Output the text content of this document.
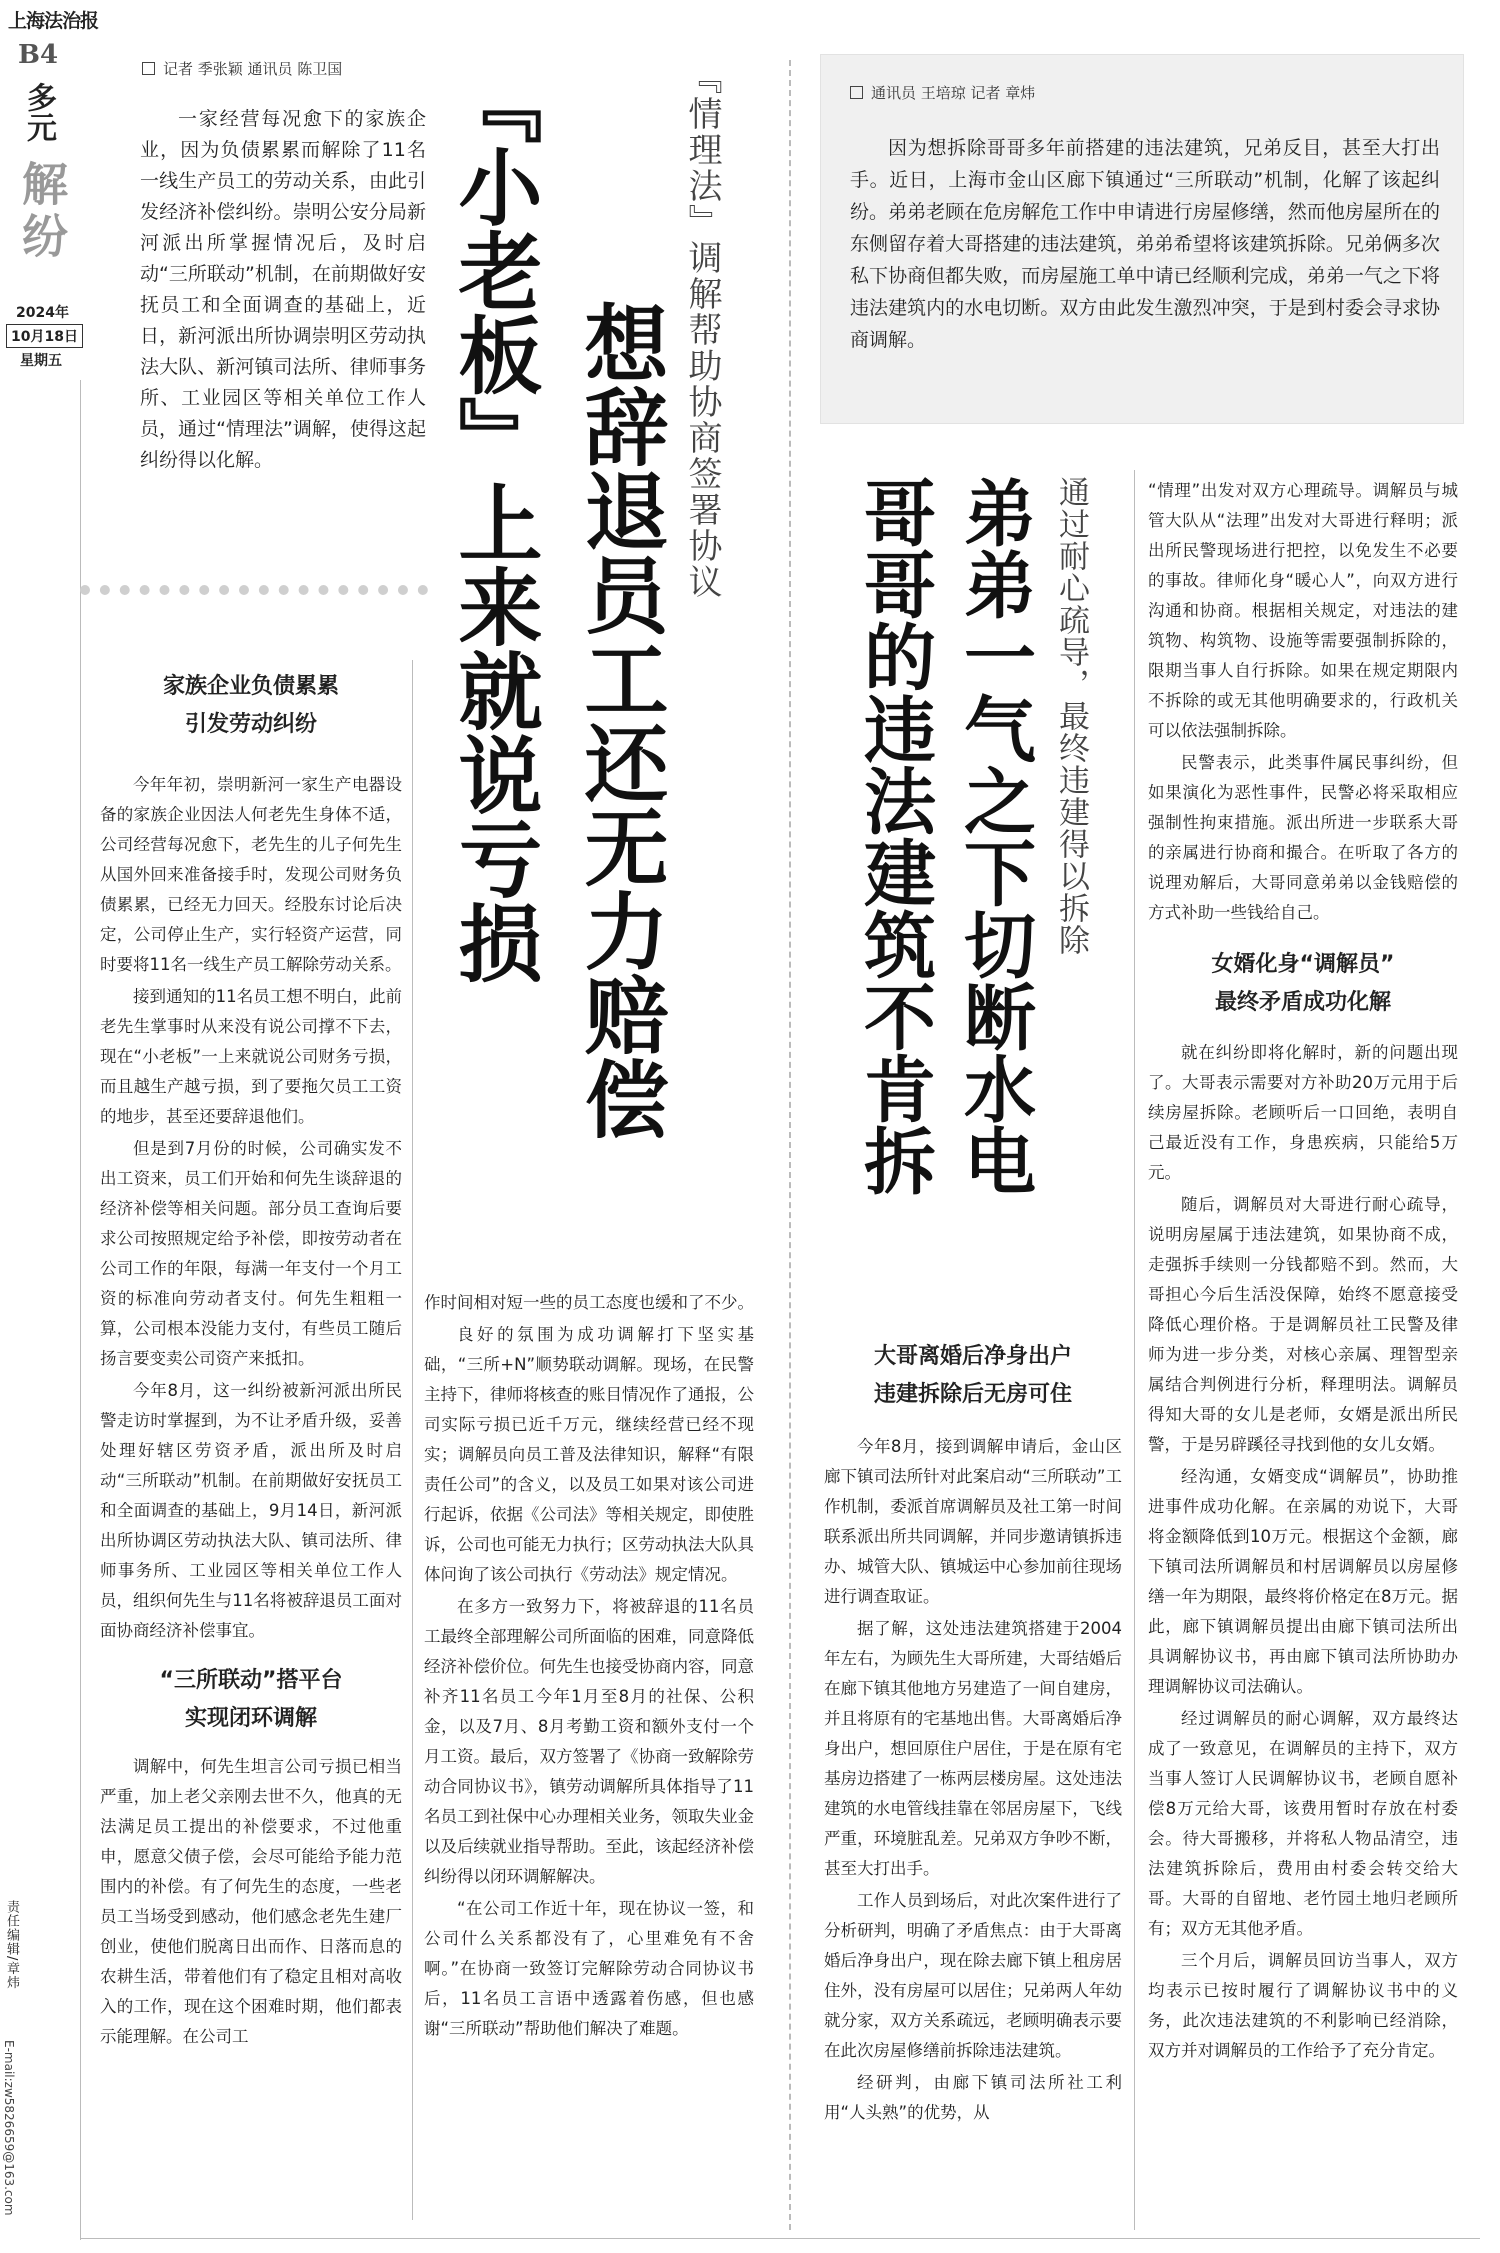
上海法治报
B4
多元
解纷
2024年
10月18日
星期五
责任编辑/章炜
E-mail:zw5826659@163.com
记者 季张颖 通讯员 陈卫国

一家经营每况愈下的家族企业，因为负债累累而解除了11名一线生产员工的劳动关系，由此引发经济补偿纠纷。崇明公安分局新河派出所掌握情况后，及时启动“三所联动”机制，在前期做好安抚员工和全面调查的基础上，近日，新河派出所协调崇明区劳动执法大队、新河镇司法所、律师事务所、工业园区等相关单位工作人员，通过“情理法”调解，使得这起纠纷得以化解。	『情理法』调解帮助协商签署协议
想辞退员工还无力赔偿
『小老板』上来就说亏损
家族企业负债累累
引发劳动纠纷

今年年初，崇明新河一家生产电器设备的家族企业因法人何老先生身体不适，公司经营每况愈下，老先生的儿子何先生从国外回来准备接手时，发现公司财务负债累累，已经无力回天。经股东讨论后决定，公司停止生产，实行轻资产运营，同时要将11名一线生产员工解除劳动关系。

接到通知的11名员工想不明白，此前老先生掌事时从来没有说公司撑不下去，现在“小老板”一上来就说公司财务亏损，而且越生产越亏损，到了要拖欠员工工资的地步，甚至还要辞退他们。

但是到7月份的时候，公司确实发不出工资来，员工们开始和何先生谈辞退的经济补偿等相关问题。部分员工查询后要求公司按照规定给予补偿，即按劳动者在公司工作的年限，每满一年支付一个月工资的标准向劳动者支付。何先生粗粗一算，公司根本没能力支付，有些员工随后扬言要变卖公司资产来抵扣。

今年8月，这一纠纷被新河派出所民警走访时掌握到，为不让矛盾升级，妥善处理好辖区劳资矛盾，派出所及时启动“三所联动”机制。在前期做好安抚员工和全面调查的基础上，9月14日，新河派出所协调区劳动执法大队、镇司法所、律师事务所、工业园区等相关单位工作人员，组织何先生与11名将被辞退员工面对面协商经济补偿事宜。

“三所联动”搭平台
实现闭环调解

调解中，何先生坦言公司亏损已相当严重，加上老父亲刚去世不久，他真的无法满足员工提出的补偿要求，不过他重申，愿意父债子偿，会尽可能给予能力范围内的补偿。有了何先生的态度，一些老员工当场受到感动，他们感念老先生建厂创业，使他们脱离日出而作、日落而息的农耕生活，带着他们有了稳定且相对高收入的工作，现在这个困难时期，他们都表示能理解。在公司工

作时间相对短一些的员工态度也缓和了不少。

良好的氛围为成功调解打下坚实基础，“三所+N”顺势联动调解。现场，在民警主持下，律师将核查的账目情况作了通报，公司实际亏损已近千万元，继续经营已经不现实；调解员向员工普及法律知识，解释“有限责任公司”的含义，以及员工如果对该公司进行起诉，依据《公司法》等相关规定，即使胜诉，公司也可能无力执行；区劳动执法大队具体问询了该公司执行《劳动法》规定情况。

在多方一致努力下，将被辞退的11名员工最终全部理解公司所面临的困难，同意降低经济补偿价位。何先生也接受协商内容，同意补齐11名员工今年1月至8月的社保、公积金，以及7月、8月考勤工资和额外支付一个月工资。最后，双方签署了《协商一致解除劳动合同协议书》，镇劳动调解所具体指导了11名员工到社保中心办理相关业务，领取失业金以及后续就业指导帮助。至此，该起经济补偿纠纷得以闭环调解解决。

“在公司工作近十年，现在协议一签，和公司什么关系都没有了，心里难免有不舍啊。”在协商一致签订完解除劳动合同协议书后，11名员工言语中透露着伤感，但也感谢“三所联动”帮助他们解决了难题。

通讯员 王培琼 记者 章炜

因为想拆除哥哥多年前搭建的违法建筑，兄弟反目，甚至大打出手。近日，上海市金山区廊下镇通过“三所联动”机制，化解了该起纠纷。弟弟老顾在危房解危工作中申请进行房屋修缮，然而他房屋所在的东侧留存着大哥搭建的违法建筑，弟弟希望将该建筑拆除。兄弟俩多次私下协商但都失败，而房屋施工单中请已经顺利完成，弟弟一气之下将违法建筑内的水电切断。双方由此发生激烈冲突，于是到村委会寻求协商调解。

通过耐心疏导，最终违建得以拆除
弟弟一气之下切断水电
哥哥的违法建筑不肯拆
大哥离婚后净身出户
违建拆除后无房可住

今年8月，接到调解申请后，金山区廊下镇司法所针对此案启动“三所联动”工作机制，委派首席调解员及社工第一时间联系派出所共同调解，并同步邀请镇拆违办、城管大队、镇城运中心参加前往现场进行调查取证。

据了解，这处违法建筑搭建于2004年左右，为顾先生大哥所建，大哥结婚后在廊下镇其他地方另建造了一间自建房，并且将原有的宅基地出售。大哥离婚后净身出户，想回原住户居住，于是在原有宅基房边搭建了一栋两层楼房屋。这处违法建筑的水电管线挂靠在邻居房屋下，飞线严重，环境脏乱差。兄弟双方争吵不断，甚至大打出手。

工作人员到场后，对此次案件进行了分析研判，明确了矛盾焦点：由于大哥离婚后净身出户，现在除去廊下镇上租房居住外，没有房屋可以居住；兄弟两人年幼就分家，双方关系疏远，老顾明确表示要在此次房屋修缮前拆除违法建筑。

经研判，由廊下镇司法所社工利用“人头熟”的优势，从

“情理”出发对双方心理疏导。调解员与城管大队从“法理”出发对大哥进行释明；派出所民警现场进行把控，以免发生不必要的事故。律师化身“暖心人”，向双方进行沟通和协商。根据相关规定，对违法的建筑物、构筑物、设施等需要强制拆除的，限期当事人自行拆除。如果在规定期限内不拆除的或无其他明确要求的，行政机关可以依法强制拆除。

民警表示，此类事件属民事纠纷，但如果演化为恶性事件，民警必将采取相应强制性拘束措施。派出所进一步联系大哥的亲属进行协商和撮合。在听取了各方的说理劝解后，大哥同意弟弟以金钱赔偿的方式补助一些钱给自己。

女婿化身“调解员”
最终矛盾成功化解

就在纠纷即将化解时，新的问题出现了。大哥表示需要对方补助20万元用于后续房屋拆除。老顾听后一口回绝，表明自己最近没有工作，身患疾病，只能给5万元。

随后，调解员对大哥进行耐心疏导，说明房屋属于违法建筑，如果协商不成，走强拆手续则一分钱都赔不到。然而，大哥担心今后生活没保障，始终不愿意接受降低心理价格。于是调解员社工民警及律师为进一步分类，对核心亲属、理智型亲属结合判例进行分析，释理明法。调解员得知大哥的女儿是老师，女婿是派出所民警，于是另辟蹊径寻找到他的女儿女婿。

经沟通，女婿变成“调解员”，协助推进事件成功化解。在亲属的劝说下，大哥将金额降低到10万元。根据这个金额，廊下镇司法所调解员和村居调解员以房屋修缮一年为期限，最终将价格定在8万元。据此，廊下镇调解员提出由廊下镇司法所出具调解协议书，再由廊下镇司法所协助办理调解协议司法确认。

经过调解员的耐心调解，双方最终达成了一致意见，在调解员的主持下，双方当事人签订人民调解协议书，老顾自愿补偿8万元给大哥，该费用暂时存放在村委会。待大哥搬移，并将私人物品清空，违法建筑拆除后，费用由村委会转交给大哥。大哥的自留地、老竹园土地归老顾所有；双方无其他矛盾。

三个月后，调解员回访当事人，双方均表示已按时履行了调解协议书中的义务，此次违法建筑的不利影响已经消除，双方并对调解员的工作给予了充分肯定。
